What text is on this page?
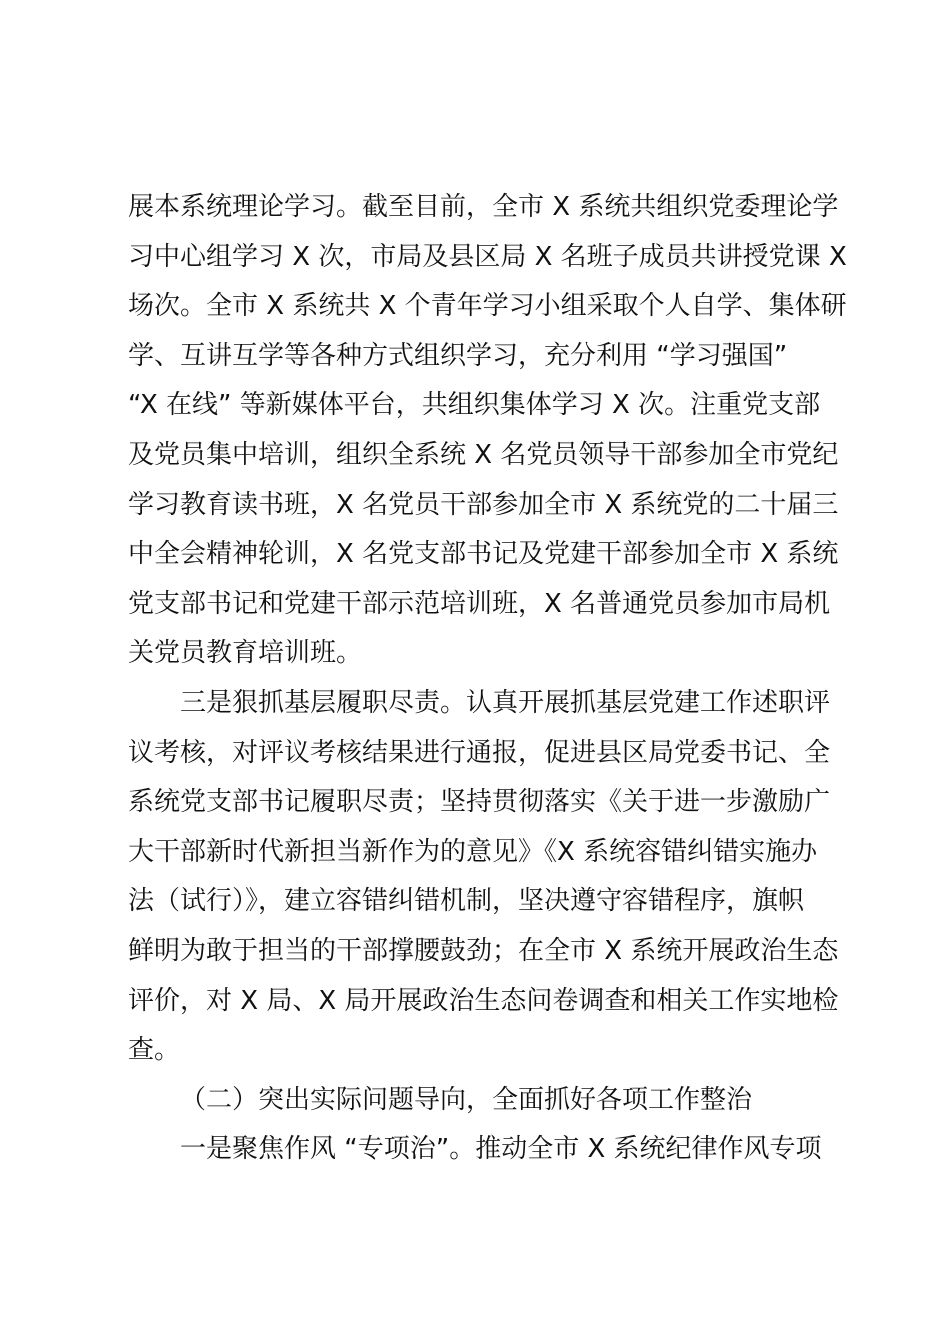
展本系统理论学习。截至目前，全市 X 系统共组织党委理论学
习中心组学习 X 次，市局及县区局 X 名班子成员共讲授党课 X
场次。全市 X 系统共 X 个青年学习小组采取个人自学、集体研
学、互讲互学等各种方式组织学习，充分利用 “学习强国”
“X 在线” 等新媒体平台，共组织集体学习 X 次。注重党支部
及党员集中培训，组织全系统 X 名党员领导干部参加全市党纪
学习教育读书班，X 名党员干部参加全市 X 系统党的二十届三
中全会精神轮训，X 名党支部书记及党建干部参加全市 X 系统
党支部书记和党建干部示范培训班，X 名普通党员参加市局机
关党员教育培训班。
三是狠抓基层履职尽责。认真开展抓基层党建工作述职评
议考核，对评议考核结果进行通报，促进县区局党委书记、全
系统党支部书记履职尽责；坚持贯彻落实《关于进一步激励广
大干部新时代新担当新作为的意见》《X 系统容错纠错实施办
法（试行）》，建立容错纠错机制，坚决遵守容错程序，旗帜
鲜明为敢于担当的干部撑腰鼓劲；在全市 X 系统开展政治生态
评价，对 X 局、X 局开展政治生态问卷调查和相关工作实地检
查。
（二）突出实际问题导向，全面抓好各项工作整治
一是聚焦作风 “专项治”。推动全市 X 系统纪律作风专项
